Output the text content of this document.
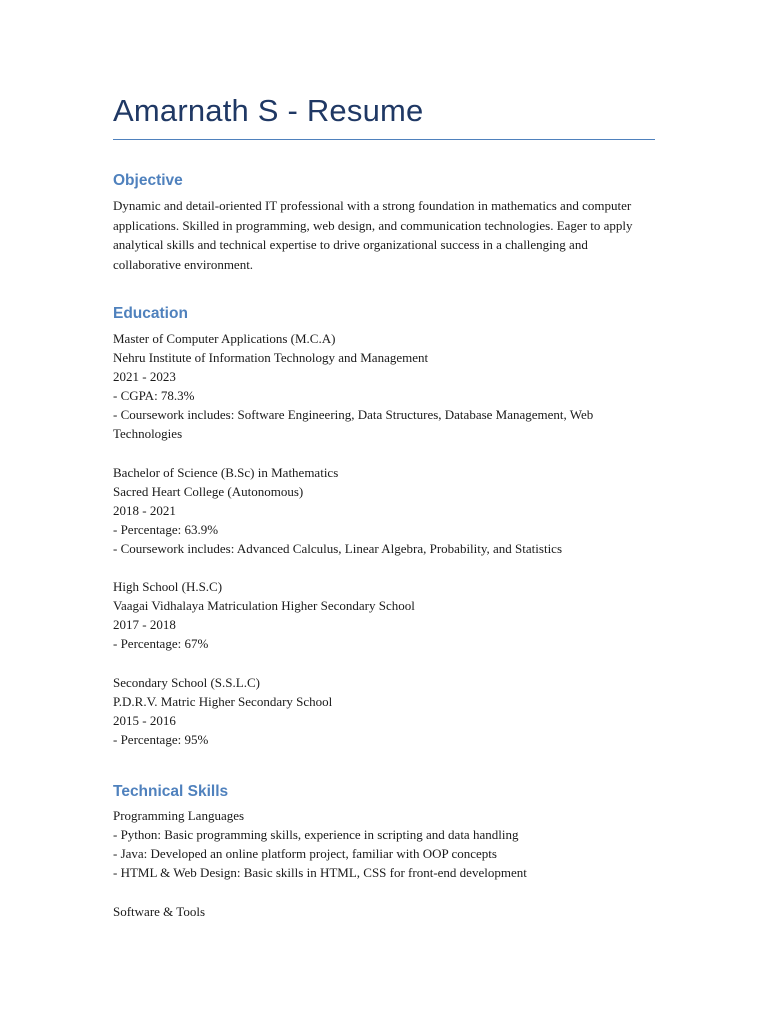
Amarnath S - Resume
Objective
Dynamic and detail-oriented IT professional with a strong foundation in mathematics and computer applications. Skilled in programming, web design, and communication technologies. Eager to apply analytical skills and technical expertise to drive organizational success in a challenging and collaborative environment.
Education
Master of Computer Applications (M.C.A)
Nehru Institute of Information Technology and Management
2021 - 2023
- CGPA: 78.3%
- Coursework includes: Software Engineering, Data Structures, Database Management, Web Technologies
Bachelor of Science (B.Sc) in Mathematics
Sacred Heart College (Autonomous)
2018 - 2021
- Percentage: 63.9%
- Coursework includes: Advanced Calculus, Linear Algebra, Probability, and Statistics
High School (H.S.C)
Vaagai Vidhalaya Matriculation Higher Secondary School
2017 - 2018
- Percentage: 67%
Secondary School (S.S.L.C)
P.D.R.V. Matric Higher Secondary School
2015 - 2016
- Percentage: 95%
Technical Skills
Programming Languages
- Python: Basic programming skills, experience in scripting and data handling
- Java: Developed an online platform project, familiar with OOP concepts
- HTML & Web Design: Basic skills in HTML, CSS for front-end development
Software & Tools
